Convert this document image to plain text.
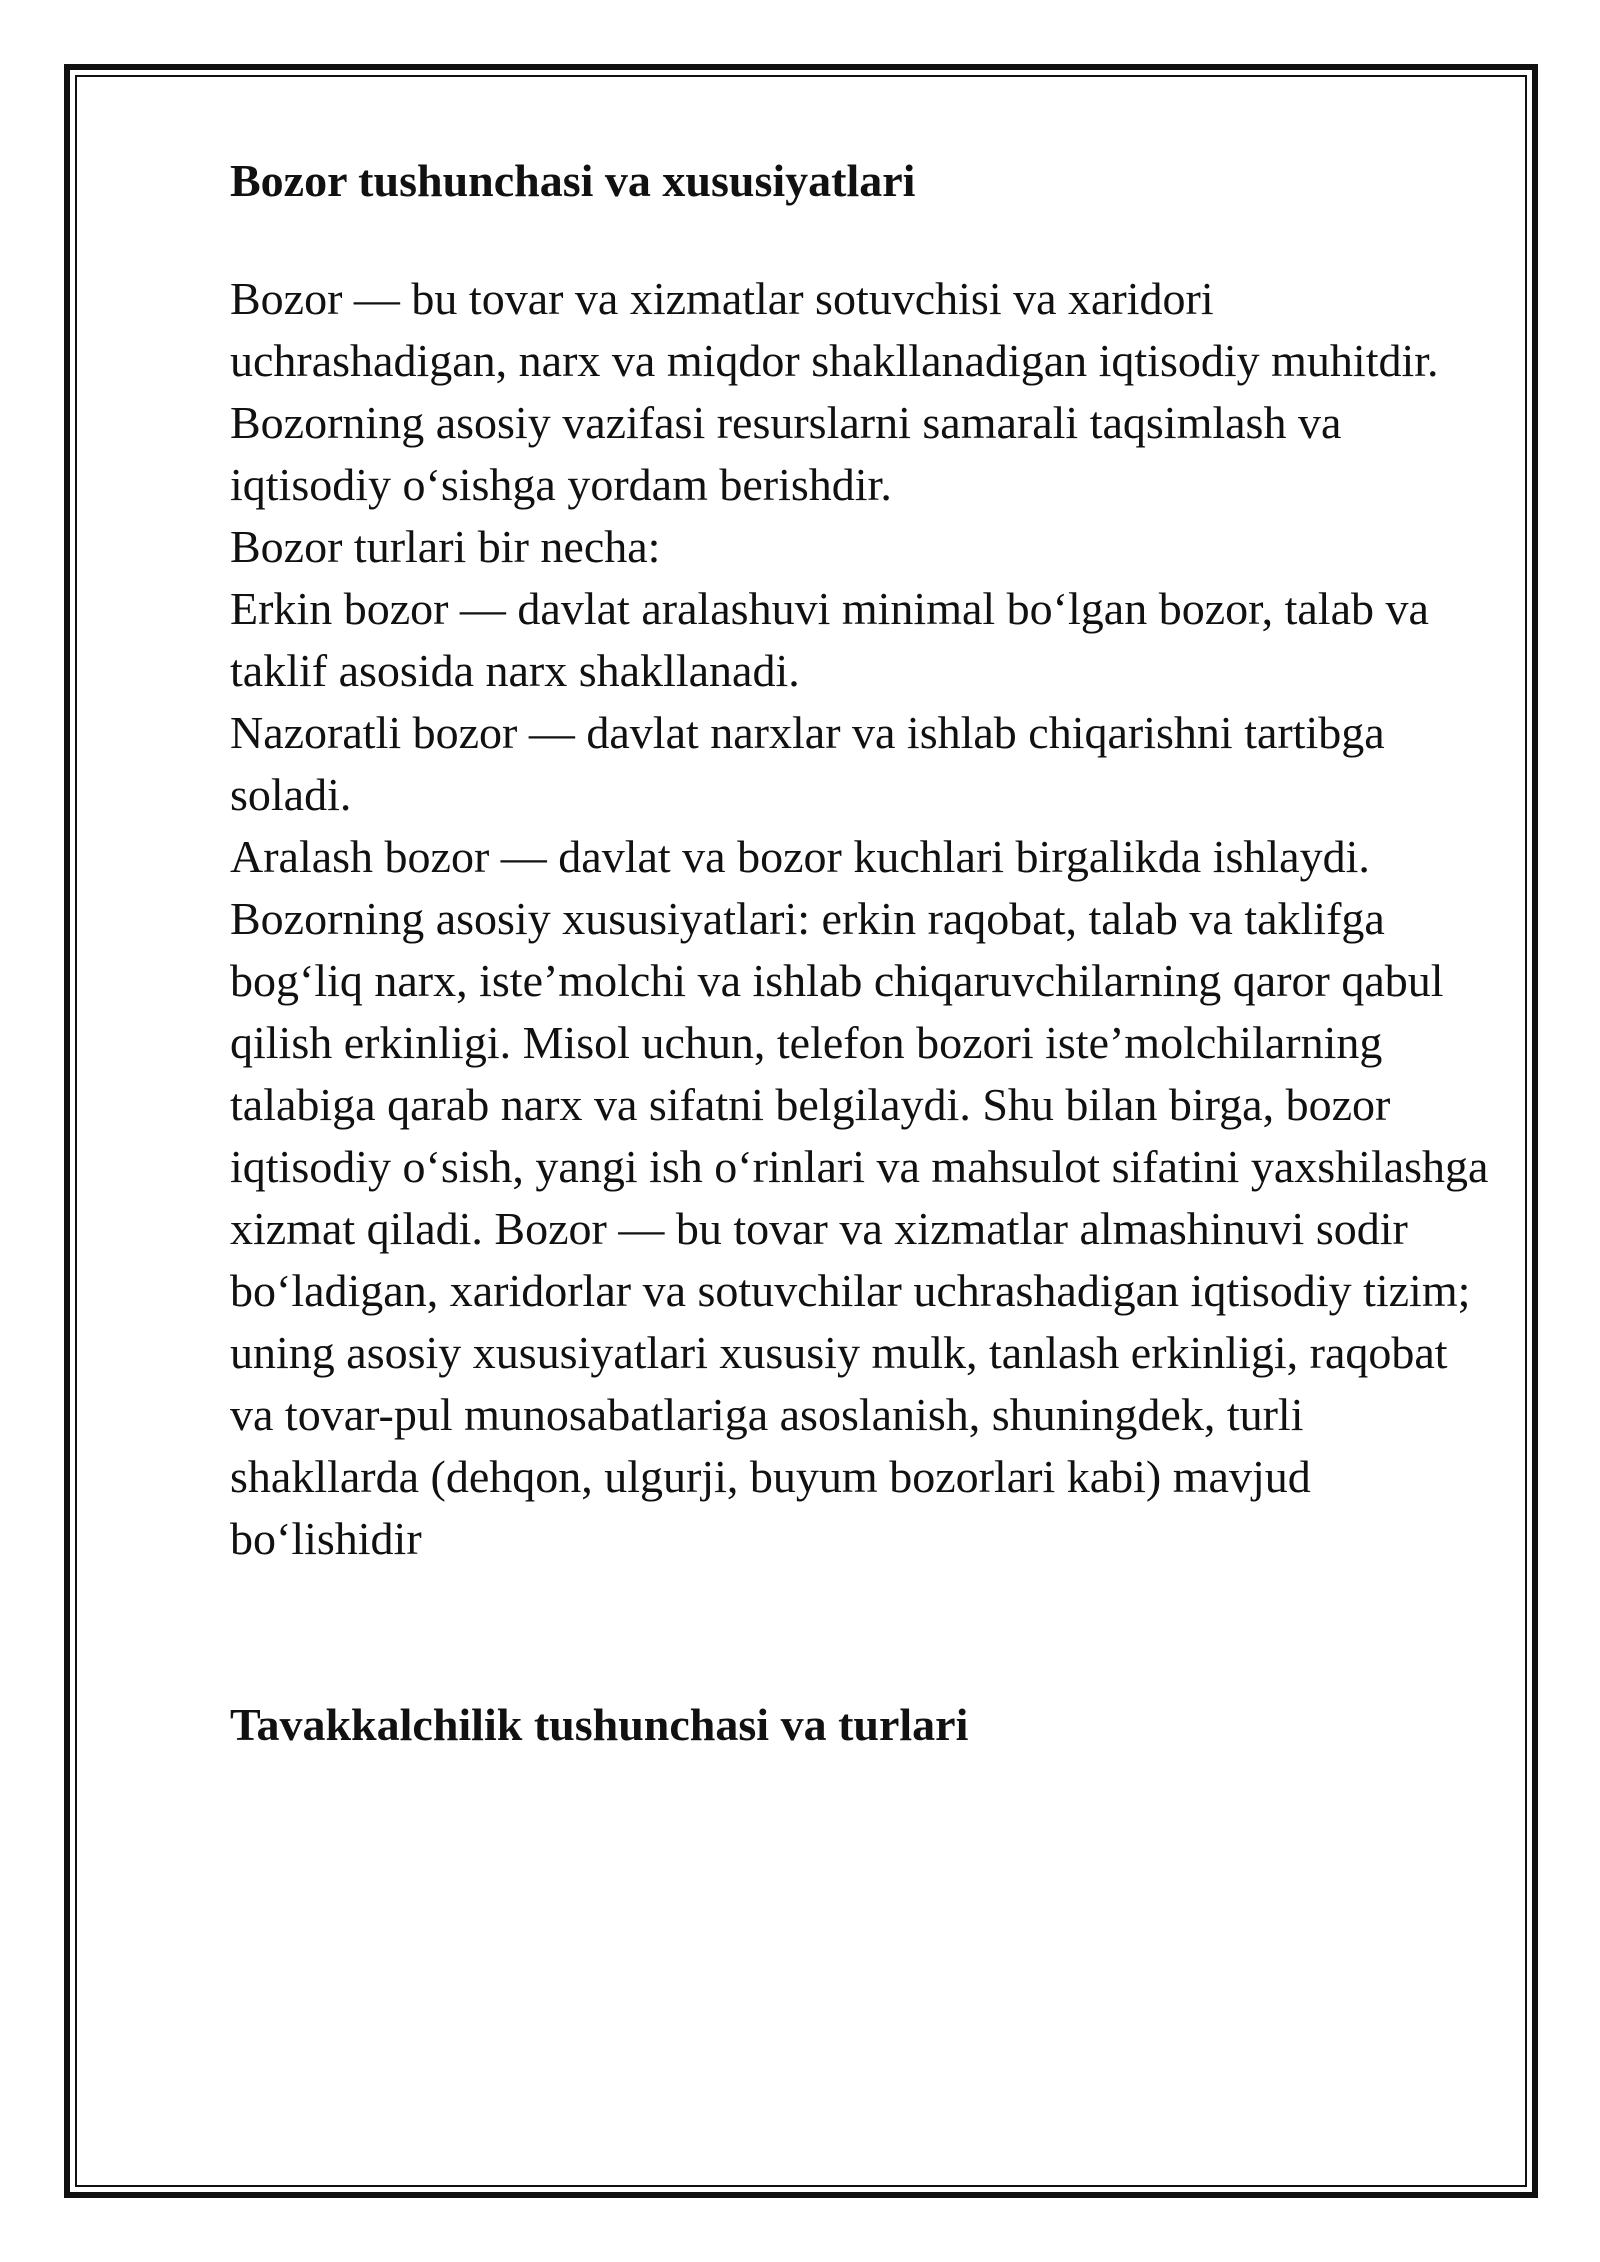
Bozor tushunchasi va xususiyatlari

Bozor — bu tovar va xizmatlar sotuvchisi va xaridori uchrashadigan, narx va miqdor shakllanadigan iqtisodiy muhitdir. Bozorning asosiy vazifasi resurslarni samarali taqsimlash va iqtisodiy o‘sishga yordam berishdir.

Bozor turlari bir necha:

Erkin bozor — davlat aralashuvi minimal bo‘lgan bozor, talab va taklif asosida narx shakllanadi.

Nazoratli bozor — davlat narxlar va ishlab chiqarishni tartibga soladi.

Aralash bozor — davlat va bozor kuchlari birgalikda ishlaydi.

Bozorning asosiy xususiyatlari: erkin raqobat, talab va taklifga bog‘liq narx, iste’molchi va ishlab chiqaruvchilarning qaror qabul qilish erkinligi. Misol uchun, telefon bozori iste’molchilarning talabiga qarab narx va sifatni belgilaydi. Shu bilan birga, bozor iqtisodiy o‘sish, yangi ish o‘rinlari va mahsulot sifatini yaxshilashga xizmat qiladi. Bozor — bu tovar va xizmatlar almashinuvi sodir bo‘ladigan, xaridorlar va sotuvchilar uchrashadigan iqtisodiy tizim; uning asosiy xususiyatlari xususiy mulk, tanlash erkinligi, raqobat va tovar-pul munosabatlariga asoslanish, shuningdek, turli shakllarda (dehqon, ulgurji, buyum bozorlari kabi) mavjud bo‘lishidir

Tavakkalchilik tushunchasi va turlari
